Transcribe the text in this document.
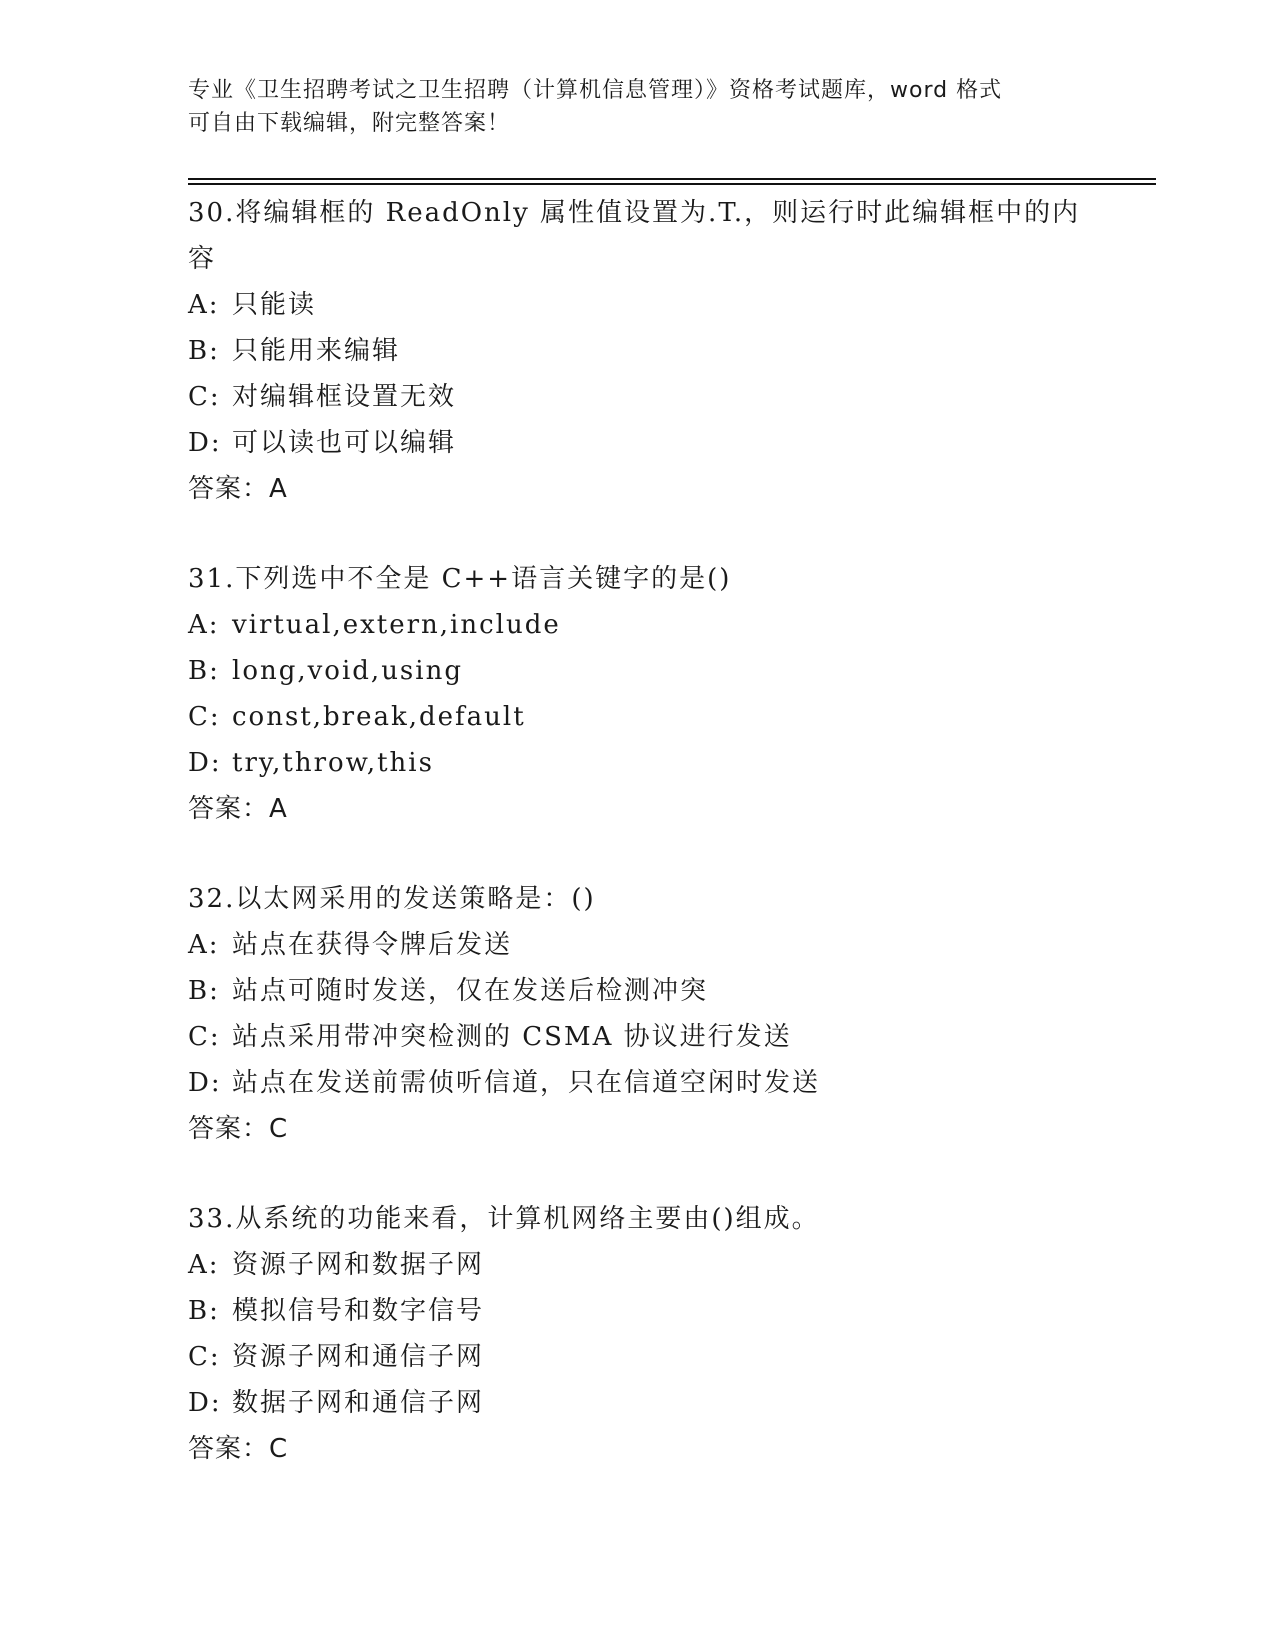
专业《卫生招聘考试之卫生招聘（计算机信息管理）》资格考试题库，word 格式
可自由下载编辑，附完整答案！
30.将编辑框的 ReadOnly 属性值设置为.T.，则运行时此编辑框中的内
容
A: 只能读
B: 只能用来编辑
C: 对编辑框设置无效
D: 可以读也可以编辑
答案：A
31.下列选中不全是 C++语言关键字的是()
A: virtual,extern,include
B: long,void,using
C: const,break,default
D: try,throw,this
答案：A
32.以太网采用的发送策略是：()
A: 站点在获得令牌后发送
B: 站点可随时发送，仅在发送后检测冲突
C: 站点采用带冲突检测的 CSMA 协议进行发送
D: 站点在发送前需侦听信道，只在信道空闲时发送
答案：C
33.从系统的功能来看，计算机网络主要由()组成。
A: 资源子网和数据子网
B: 模拟信号和数字信号
C: 资源子网和通信子网
D: 数据子网和通信子网
答案：C
